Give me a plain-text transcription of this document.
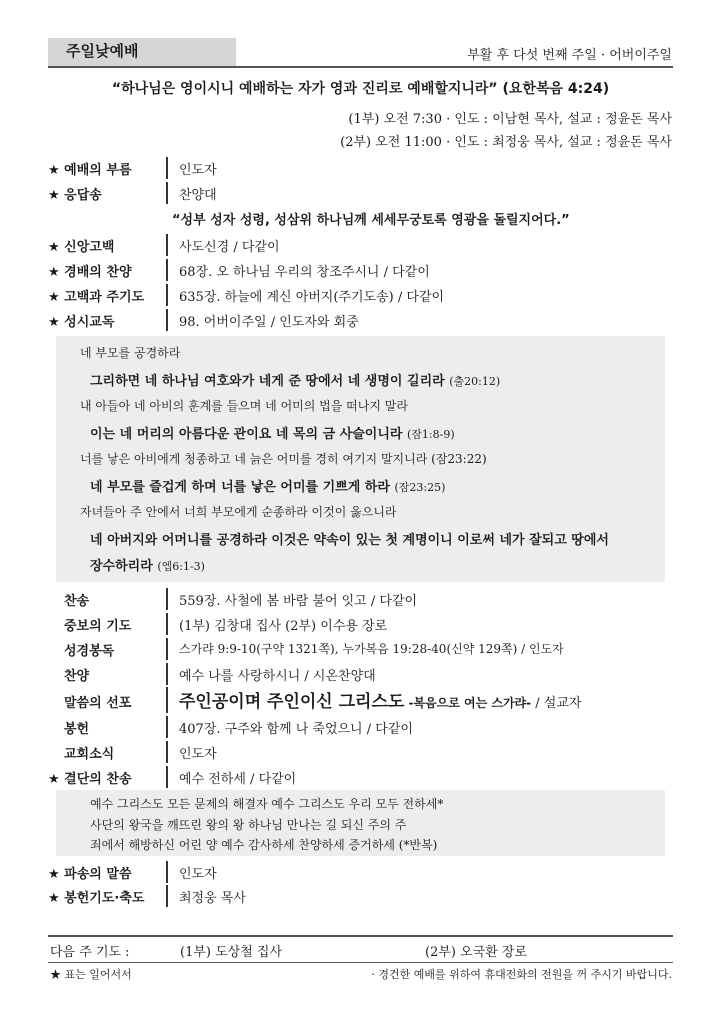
주일낮예배	부활 후 다섯 번째 주일 · 어버이주일
“하나님은 영이시니 예배하는 자가 영과 진리로 예배할지니라” (요한복음 4:24)
(1부) 오전 7:30 · 인도 : 이남현 목사, 설교 : 정윤돈 목사
(2부) 오전 11:00 · 인도 : 최정웅 목사, 설교 : 정윤돈 목사
★ 예배의 부름	인도자
★ 응답송	찬양대
“성부 성자 성령, 성삼위 하나님께 세세무궁토록 영광을 돌릴지어다.”
★ 신앙고백	사도신경 / 다같이
★ 경배의 찬양	68장. 오 하나님 우리의 창조주시니 / 다같이
★ 고백과 주기도	635장. 하늘에 계신 아버지(주기도송) / 다같이
★ 성시교독	98. 어버이주일 / 인도자와 회중
네 부모를 공경하라
그리하면 네 하나님 여호와가 네게 준 땅에서 네 생명이 길리라 (출20:12)
내 아들아 네 아비의 훈계를 들으며 네 어미의 법을 떠나지 말라
이는 네 머리의 아름다운 관이요 네 목의 금 사슬이니라 (잠1:8-9)
너를 낳은 아비에게 청종하고 네 늙은 어미를 경히 여기지 말지니라 (잠23:22)
네 부모를 즐겁게 하며 너를 낳은 어미를 기쁘게 하라 (잠23:25)
자녀들아 주 안에서 너희 부모에게 순종하라 이것이 옳으니라
네 아버지와 어머니를 공경하라 이것은 약속이 있는 첫 계명이니 이로써 네가 잘되고 땅에서
장수하리라 (엡6:1-3)
찬송	559장. 사철에 봄 바람 불어 잇고 / 다같이
중보의 기도	(1부) 김창대 집사 (2부) 이수용 장로
성경봉독	스가랴 9:9-10(구약 1321쪽), 누가복음 19:28-40(신약 129쪽) / 인도자
찬양	예수 나를 사랑하시니 / 시온찬양대
말씀의 선포	주인공이며 주인이신 그리스도 -복음으로 여는 스가랴- / 설교자
봉헌	407장. 구주와 함께 나 죽었으니 / 다같이
교회소식	인도자
★ 결단의 찬송	예수 전하세 / 다같이
예수 그리스도 모든 문제의 해결자 예수 그리스도 우리 모두 전하세*
사단의 왕국을 깨뜨린 왕의 왕 하나님 만나는 길 되신 주의 주
죄에서 해방하신 어린 양 예수 감사하세 찬양하세 증거하세 (*반복)
★ 파송의 말씀	인도자
★ 봉헌기도·축도	최정웅 목사
다음 주 기도 :	(1부) 도상철 집사	(2부) 오국환 장로
★ 표는 일어서서	· 경건한 예배를 위하여 휴대전화의 전원을 꺼 주시기 바랍니다.
